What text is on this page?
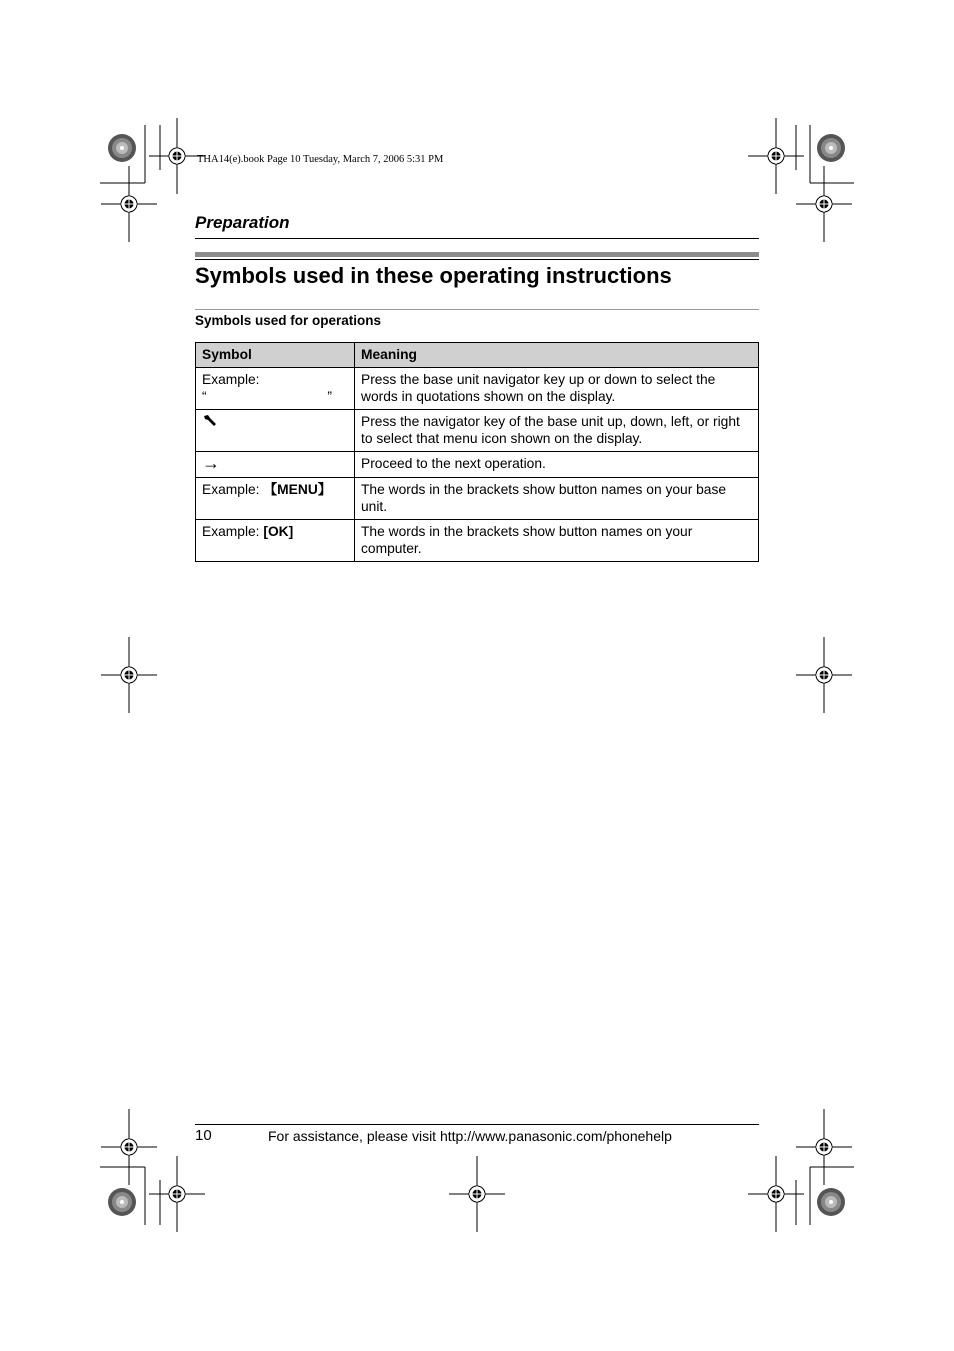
THA14(e).book Page 10 Tuesday, March 7, 2006 5:31 PM
Preparation
Symbols used in these operating instructions
Symbols used for operations
Symbol	Meaning

Example:
“ ”	Press the base unit navigator key up or down to select the words in quotations shown on the display.
	Press the navigator key of the base unit up, down, left, or right to select that menu icon shown on the display.
→	Proceed to the next operation.
Example: 【MENU】	The words in the brackets show button names on your base unit.
Example: [OK]	The words in the brackets show button names on your computer.
10	For assistance, please visit http://www.panasonic.com/phonehelp
